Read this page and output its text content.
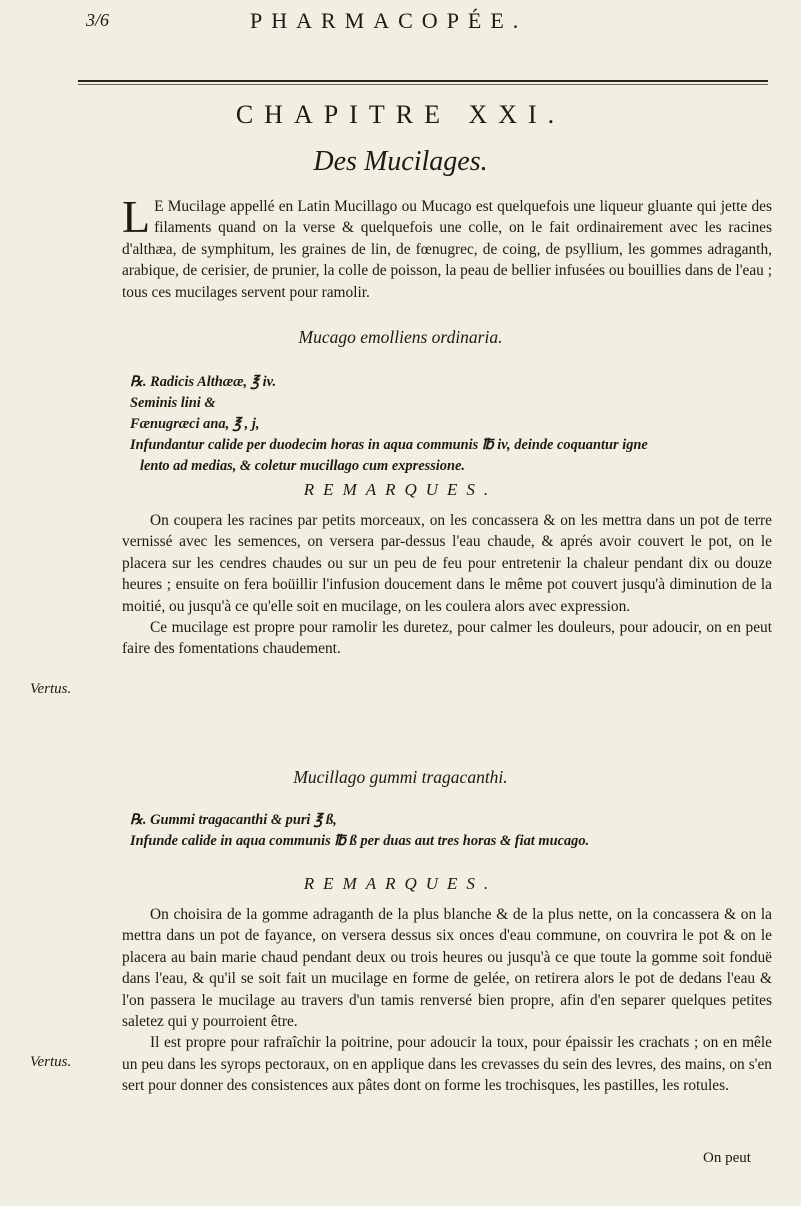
3/6	PHARMACOPÉE.
CHAPITRE XXI.
Des Mucilages.

L E Mucilage appellé en Latin Mucillago ou Mucago est quelquefois une liqueur gluante qui jette des filaments quand on la verse & quelquefois une colle, on le fait ordinairement avec les racines d'althæa, de symphitum, les graines de lin, de fœnugrec, de coing, de psyllium, les gommes adraganth, arabique, de cerisier, de prunier, la colle de poisson, la peau de bellier infusées ou bouillies dans de l'eau ; tous ces mucilages servent pour ramolir.

Mucago emolliens ordinaria.
℞. Radicis Althææ, ℥ iv.
Seminis lini &
Fænugræci ana, ℥ , j,
Infundantur calide per duodecim horas in aqua communis ℔ iv, deinde coquantur igne
lento ad medias, & coletur mucillago cum expressione.
REMARQUES.

On coupera les racines par petits morceaux, on les concassera & on les mettra dans un pot de terre vernissé avec les semences, on versera par-dessus l'eau chaude, & aprés avoir couvert le pot, on le placera sur les cendres chaudes ou sur un peu de feu pour entretenir la chaleur pendant dix ou douze heures ; ensuite on fera boüillir l'infusion doucement dans le même pot couvert jusqu'à diminution de la moitié, ou jusqu'à ce qu'elle soit en mucilage, on les coulera alors avec expression.

Ce mucilage est propre pour ramolir les duretez, pour calmer les douleurs, pour adoucir, on en peut faire des fomentations chaudement.

Vertus.
Mucillago gummi tragacanthi.
℞. Gummi tragacanthi & puri ℥ ß,
Infunde calide in aqua communis ℔ ß per duas aut tres horas & fiat mucago.
REMARQUES.

On choisira de la gomme adraganth de la plus blanche & de la plus nette, on la concassera & on la mettra dans un pot de fayance, on versera dessus six onces d'eau commune, on couvrira le pot & on le placera au bain marie chaud pendant deux ou trois heures ou jusqu'à ce que toute la gomme soit fonduë dans l'eau, & qu'il se soit fait un mucilage en forme de gelée, on retirera alors le pot de dedans l'eau & l'on passera le mucilage au travers d'un tamis renversé bien propre, afin d'en separer quelques petites saletez qui y pourroient être.

Il est propre pour rafraîchir la poitrine, pour adoucir la toux, pour épaissir les crachats ; on en mêle un peu dans les syrops pectoraux, on en applique dans les crevasses du sein des levres, des mains, on s'en sert pour donner des consistences aux pâtes dont on forme les trochisques, les pastilles, les rotules.

Vertus.
On peut
